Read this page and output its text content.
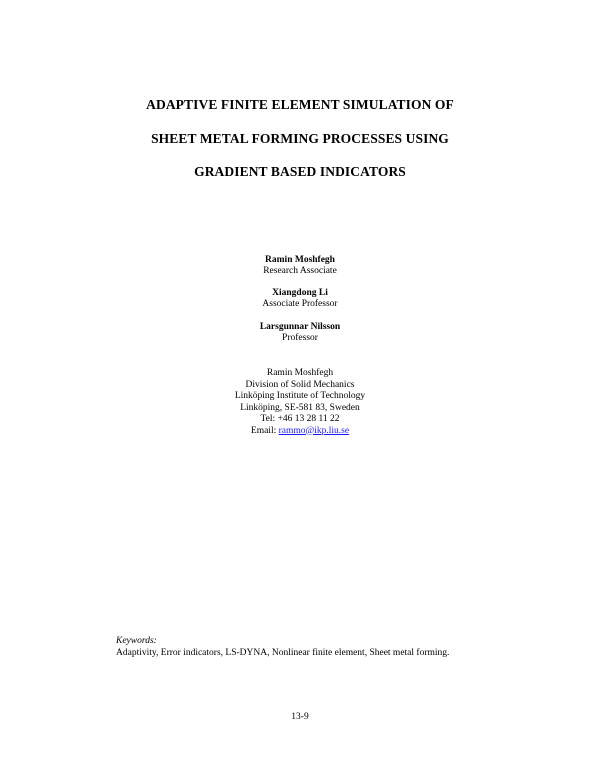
ADAPTIVE FINITE ELEMENT SIMULATION OF
SHEET METAL FORMING PROCESSES USING
GRADIENT BASED INDICATORS
Ramin Moshfegh
Research Associate
Xiangdong Li
Associate Professor
Larsgunnar Nilsson
Professor
Ramin Moshfegh
Division of Solid Mechanics
Linköping Institute of Technology
Linköping, SE-581 83, Sweden
Tel: +46 13 28 11 22
Email: rammo@ikp.liu.se
Keywords:
Adaptivity, Error indicators, LS-DYNA, Nonlinear finite element, Sheet metal forming.
13-9
